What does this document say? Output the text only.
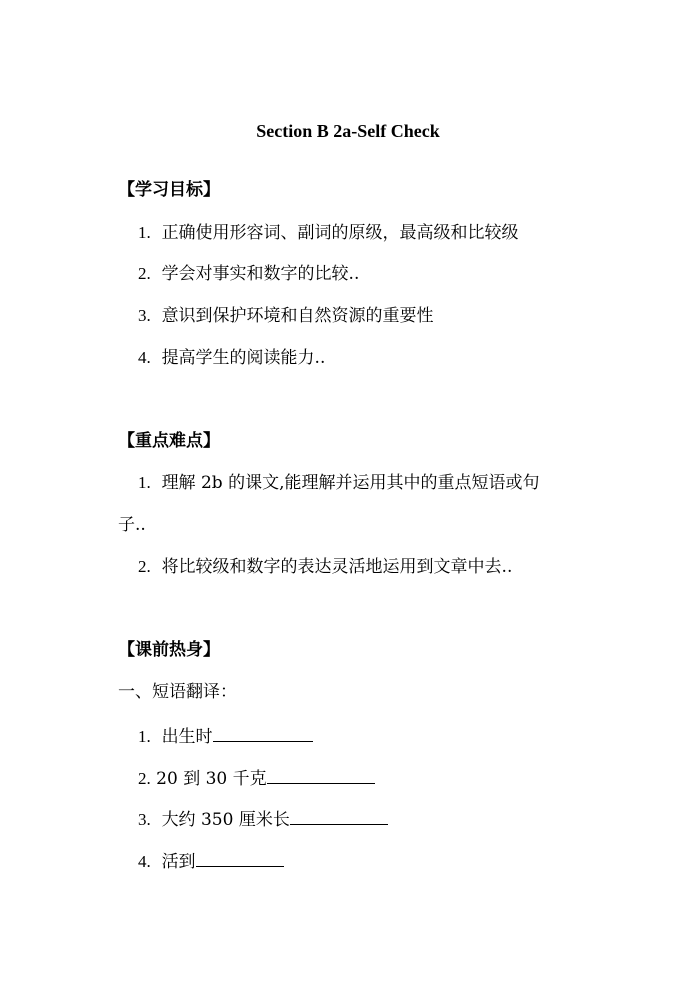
Section B 2a-Self Check
【学习目标】
1. 正确使用形容词、副词的原级，最高级和比较级
2. 学会对事实和数字的比较..
3. 意识到保护环境和自然资源的重要性
4. 提高学生的阅读能力..
【重点难点】
1. 理解 2b 的课文,能理解并运用其中的重点短语或句
子..
2. 将比较级和数字的表达灵活地运用到文章中去..
【课前热身】
一、短语翻译：
1. 出生时
2. 20 到 30 千克
3. 大约 350 厘米长
4. 活到
